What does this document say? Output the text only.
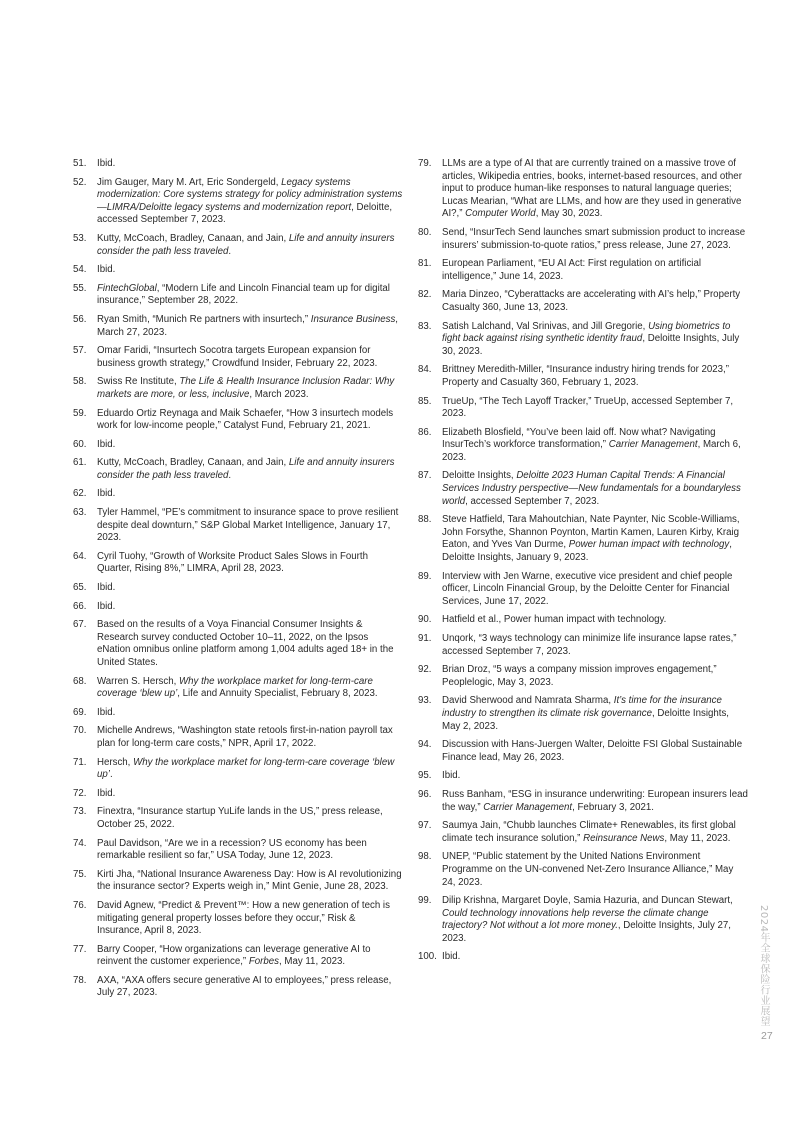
51. Ibid.
52. Jim Gauger, Mary M. Art, Eric Sondergeld, Legacy systems modernization: Core systems strategy for policy administration systems—LIMRA/Deloitte legacy systems and modernization report, Deloitte, accessed September 7, 2023.
53. Kutty, McCoach, Bradley, Canaan, and Jain, Life and annuity insurers consider the path less traveled.
54. Ibid.
55. FintechGlobal, “Modern Life and Lincoln Financial team up for digital insurance,” September 28, 2022.
56. Ryan Smith, “Munich Re partners with insurtech,” Insurance Business, March 27, 2023.
57. Omar Faridi, “Insurtech Socotra targets European expansion for business growth strategy,” Crowdfund Insider, February 22, 2023.
58. Swiss Re Institute, The Life & Health Insurance Inclusion Radar: Why markets are more, or less, inclusive, March 2023.
59. Eduardo Ortiz Reynaga and Maik Schaefer, “How 3 insurtech models work for low-income people,” Catalyst Fund, February 21, 2021.
60. Ibid.
61. Kutty, McCoach, Bradley, Canaan, and Jain, Life and annuity insurers consider the path less traveled.
62. Ibid.
63. Tyler Hammel, “PE’s commitment to insurance space to prove resilient despite deal downturn,” S&P Global Market Intelligence, January 17, 2023.
64. Cyril Tuohy, “Growth of Worksite Product Sales Slows in Fourth Quarter, Rising 8%,” LIMRA, April 28, 2023.
65. Ibid.
66. Ibid.
67. Based on the results of a Voya Financial Consumer Insights & Research survey conducted October 10–11, 2022, on the Ipsos eNation omnibus online platform among 1,004 adults aged 18+ in the United States.
68. Warren S. Hersch, Why the workplace market for long-term-care coverage ‘blew up’, Life and Annuity Specialist, February 8, 2023.
69. Ibid.
70. Michelle Andrews, “Washington state retools first-in-nation payroll tax plan for long-term care costs,” NPR, April 17, 2022.
71. Hersch, Why the workplace market for long-term-care coverage ‘blew up’.
72. Ibid.
73. Finextra, “Insurance startup YuLife lands in the US,” press release, October 25, 2022.
74. Paul Davidson, “Are we in a recession? US economy has been remarkable resilient so far,” USA Today, June 12, 2023.
75. Kirti Jha, “National Insurance Awareness Day: How is AI revolutionizing the insurance sector? Experts weigh in,” Mint Genie, June 28, 2023.
76. David Agnew, “Predict & Prevent™: How a new generation of tech is mitigating general property losses before they occur,” Risk & Insurance, April 8, 2023.
77. Barry Cooper, “How organizations can leverage generative AI to reinvent the customer experience,” Forbes, May 11, 2023.
78. AXA, “AXA offers secure generative AI to employees,” press release, July 27, 2023.
79. LLMs are a type of AI that are currently trained on a massive trove of articles, Wikipedia entries, books, internet-based resources, and other input to produce human-like responses to natural language queries; Lucas Mearian, “What are LLMs, and how are they used in generative AI?,” Computer World, May 30, 2023.
80. Send, “InsurTech Send launches smart submission product to increase insurers’ submission-to-quote ratios,” press release, June 27, 2023.
81. European Parliament, “EU AI Act: First regulation on artificial intelligence,” June 14, 2023.
82. Maria Dinzeo, “Cyberattacks are accelerating with AI’s help,” Property Casualty 360, June 13, 2023.
83. Satish Lalchand, Val Srinivas, and Jill Gregorie, Using biometrics to fight back against rising synthetic identity fraud, Deloitte Insights, July 30, 2023.
84. Brittney Meredith-Miller, “Insurance industry hiring trends for 2023,” Property and Casualty 360, February 1, 2023.
85. TrueUp, “The Tech Layoff Tracker,” TrueUp, accessed September 7, 2023.
86. Elizabeth Blosfield, “You’ve been laid off. Now what? Navigating InsurTech’s workforce transformation,” Carrier Management, March 6, 2023.
87. Deloitte Insights, Deloitte 2023 Human Capital Trends: A Financial Services Industry perspective—New fundamentals for a boundaryless world, accessed September 7, 2023.
88. Steve Hatfield, Tara Mahoutchian, Nate Paynter, Nic Scoble-Williams, John Forsythe, Shannon Poynton, Martin Kamen, Lauren Kirby, Kraig Eaton, and Yves Van Durme, Power human impact with technology, Deloitte Insights, January 9, 2023.
89. Interview with Jen Warne, executive vice president and chief people officer, Lincoln Financial Group, by the Deloitte Center for Financial Services, June 17, 2022.
90. Hatfield et al., Power human impact with technology.
91. Unqork, “3 ways technology can minimize life insurance lapse rates,” accessed September 7, 2023.
92. Brian Droz, “5 ways a company mission improves engagement,” Peoplelogic, May 3, 2023.
93. David Sherwood and Namrata Sharma, It’s time for the insurance industry to strengthen its climate risk governance, Deloitte Insights, May 2, 2023.
94. Discussion with Hans-Juergen Walter, Deloitte FSI Global Sustainable Finance lead, May 26, 2023.
95. Ibid.
96. Russ Banham, “ESG in insurance underwriting: European insurers lead the way,” Carrier Management, February 3, 2021.
97. Saumya Jain, “Chubb launches Climate+ Renewables, its first global climate tech insurance solution,” Reinsurance News, May 11, 2023.
98. UNEP, “Public statement by the United Nations Environment Programme on the UN-convened Net-Zero Insurance Alliance,” May 24, 2023.
99. Dilip Krishna, Margaret Doyle, Samia Hazuria, and Duncan Stewart, Could technology innovations help reverse the climate change trajectory? Not without a lot more money., Deloitte Insights, July 27, 2023.
100. Ibid.	2024年全球保险行业展望
27
